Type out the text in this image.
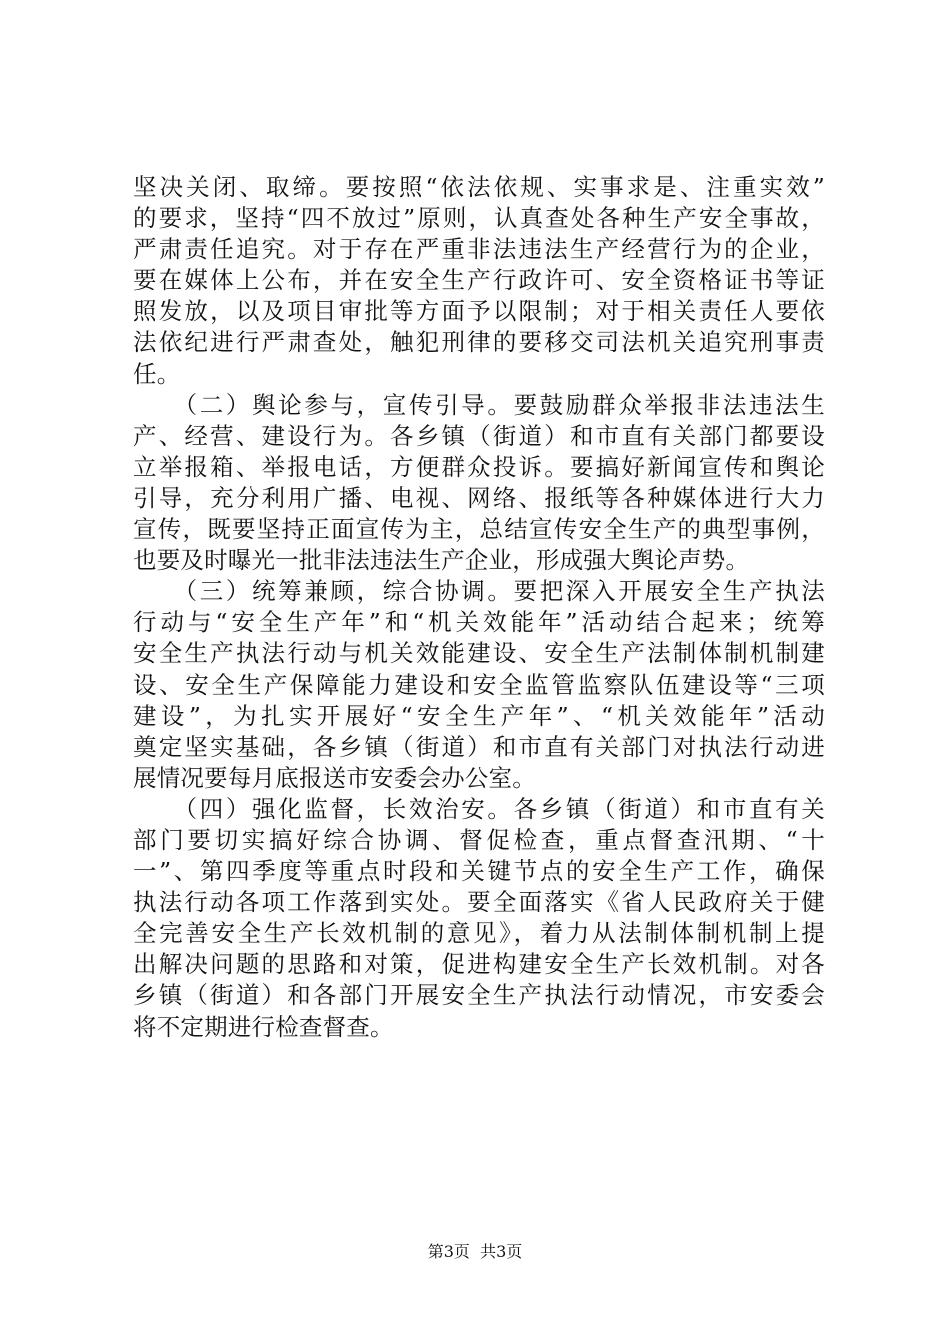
坚决关闭、取缔。要按照“依法依规、实事求是、注重实效”
的要求，坚持“四不放过”原则，认真查处各种生产安全事故，
严肃责任追究。对于存在严重非法违法生产经营行为的企业，
要在媒体上公布，并在安全生产行政许可、安全资格证书等证
照发放，以及项目审批等方面予以限制；对于相关责任人要依
法依纪进行严肃查处，触犯刑律的要移交司法机关追究刑事责
任。

　　（二）舆论参与，宣传引导。要鼓励群众举报非法违法生
产、经营、建设行为。各乡镇（街道）和市直有关部门都要设
立举报箱、举报电话，方便群众投诉。要搞好新闻宣传和舆论
引导，充分利用广播、电视、网络、报纸等各种媒体进行大力
宣传，既要坚持正面宣传为主，总结宣传安全生产的典型事例，
也要及时曝光一批非法违法生产企业，形成强大舆论声势。

　　（三）统筹兼顾，综合协调。要把深入开展安全生产执法
行动与“安全生产年”和“机关效能年”活动结合起来；统筹
安全生产执法行动与机关效能建设、安全生产法制体制机制建
设、安全生产保障能力建设和安全监管监察队伍建设等“三项
建设”，为扎实开展好“安全生产年”、“机关效能年”活动
奠定坚实基础，各乡镇（街道）和市直有关部门对执法行动进
展情况要每月底报送市安委会办公室。

　　（四）强化监督，长效治安。各乡镇（街道）和市直有关
部门要切实搞好综合协调、督促检查，重点督查汛期、“十
一”、第四季度等重点时段和关键节点的安全生产工作，确保
执法行动各项工作落到实处。要全面落实《省人民政府关于健
全完善安全生产长效机制的意见》，着力从法制体制机制上提
出解决问题的思路和对策，促进构建安全生产长效机制。对各
乡镇（街道）和各部门开展安全生产执法行动情况，市安委会
将不定期进行检查督查。

第3页  共3页
